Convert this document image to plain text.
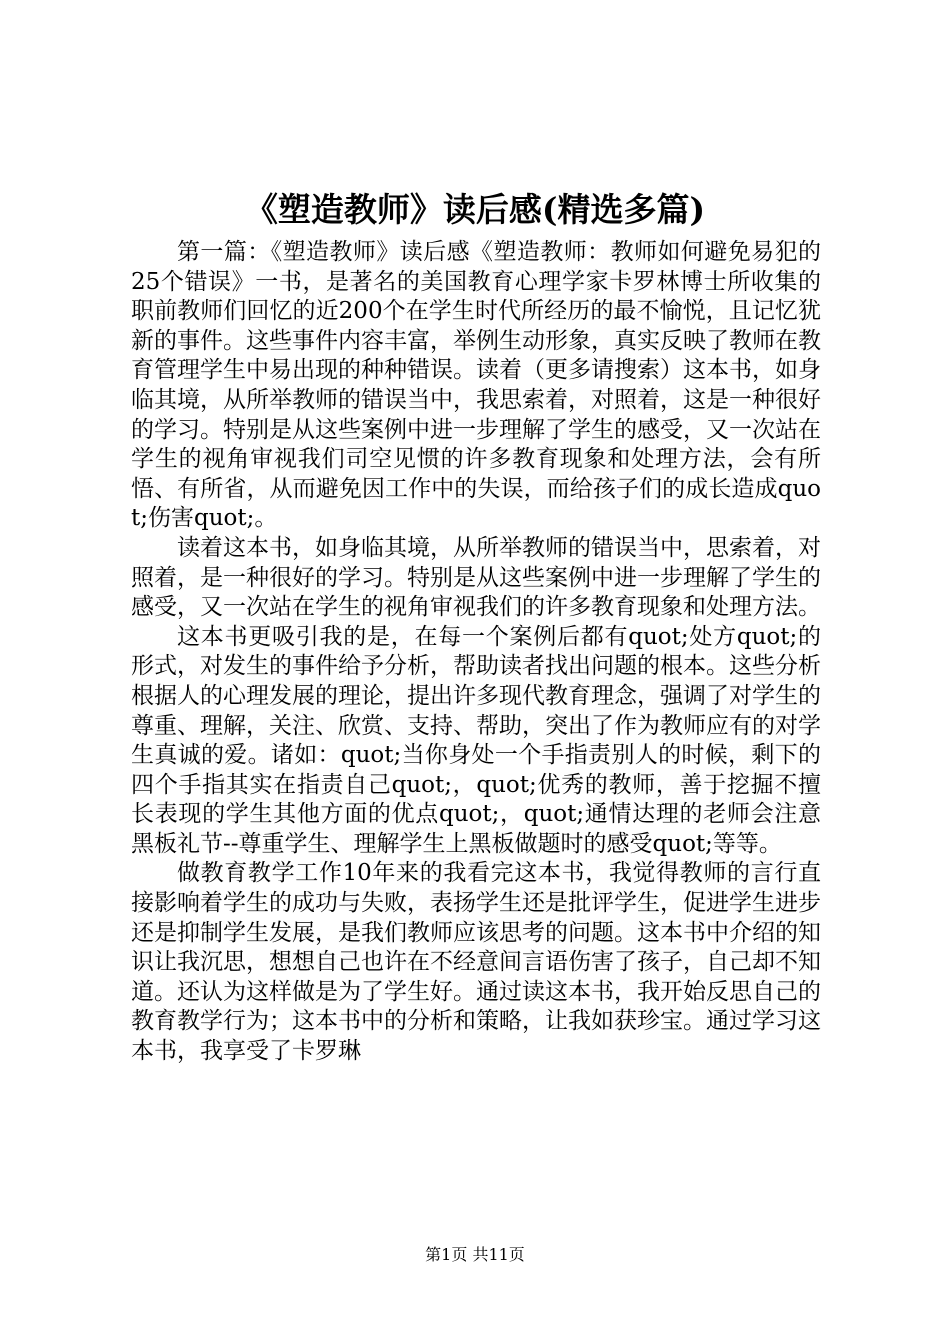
《塑造教师》读后感(精选多篇)

第一篇：《塑造教师》读后感《塑造教师：教师如何避免易犯的25个错误》一书，是著名的美国教育心理学家卡罗林博士所收集的职前教师们回忆的近200个在学生时代所经历的最不愉悦，且记忆犹新的事件。这些事件内容丰富，举例生动形象，真实反映了教师在教育管理学生中易出现的种种错误。读着（更多请搜索）这本书，如身临其境，从所举教师的错误当中，我思索着，对照着，这是一种很好的学习。特别是从这些案例中进一步理解了学生的感受，又一次站在学生的视角审视我们司空见惯的许多教育现象和处理方法，会有所悟、有所省，从而避免因工作中的失误，而给孩子们的成长造成quot;伤害quot;。

读着这本书，如身临其境，从所举教师的错误当中，思索着，对照着，是一种很好的学习。特别是从这些案例中进一步理解了学生的感受，又一次站在学生的视角审视我们的许多教育现象和处理方法。

这本书更吸引我的是，在每一个案例后都有quot;处方quot;的形式，对发生的事件给予分析，帮助读者找出问题的根本。这些分析根据人的心理发展的理论，提出许多现代教育理念，强调了对学生的尊重、理解，关注、欣赏、支持、帮助，突出了作为教师应有的对学生真诚的爱。诸如：quot;当你身处一个手指责别人的时候，剩下的四个手指其实在指责自己quot;，quot;优秀的教师，善于挖掘不擅长表现的学生其他方面的优点quot;，quot;通情达理的老师会注意黑板礼节--尊重学生、理解学生上黑板做题时的感受quot;等等。

做教育教学工作10年来的我看完这本书，我觉得教师的言行直接影响着学生的成功与失败，表扬学生还是批评学生，促进学生进步还是抑制学生发展，是我们教师应该思考的问题。这本书中介绍的知识让我沉思，想想自己也许在不经意间言语伤害了孩子，自己却不知道。还认为这样做是为了学生好。通过读这本书，我开始反思自己的教育教学行为；这本书中的分析和策略，让我如获珍宝。通过学习这本书，我享受了卡罗琳

第1页 共11页
